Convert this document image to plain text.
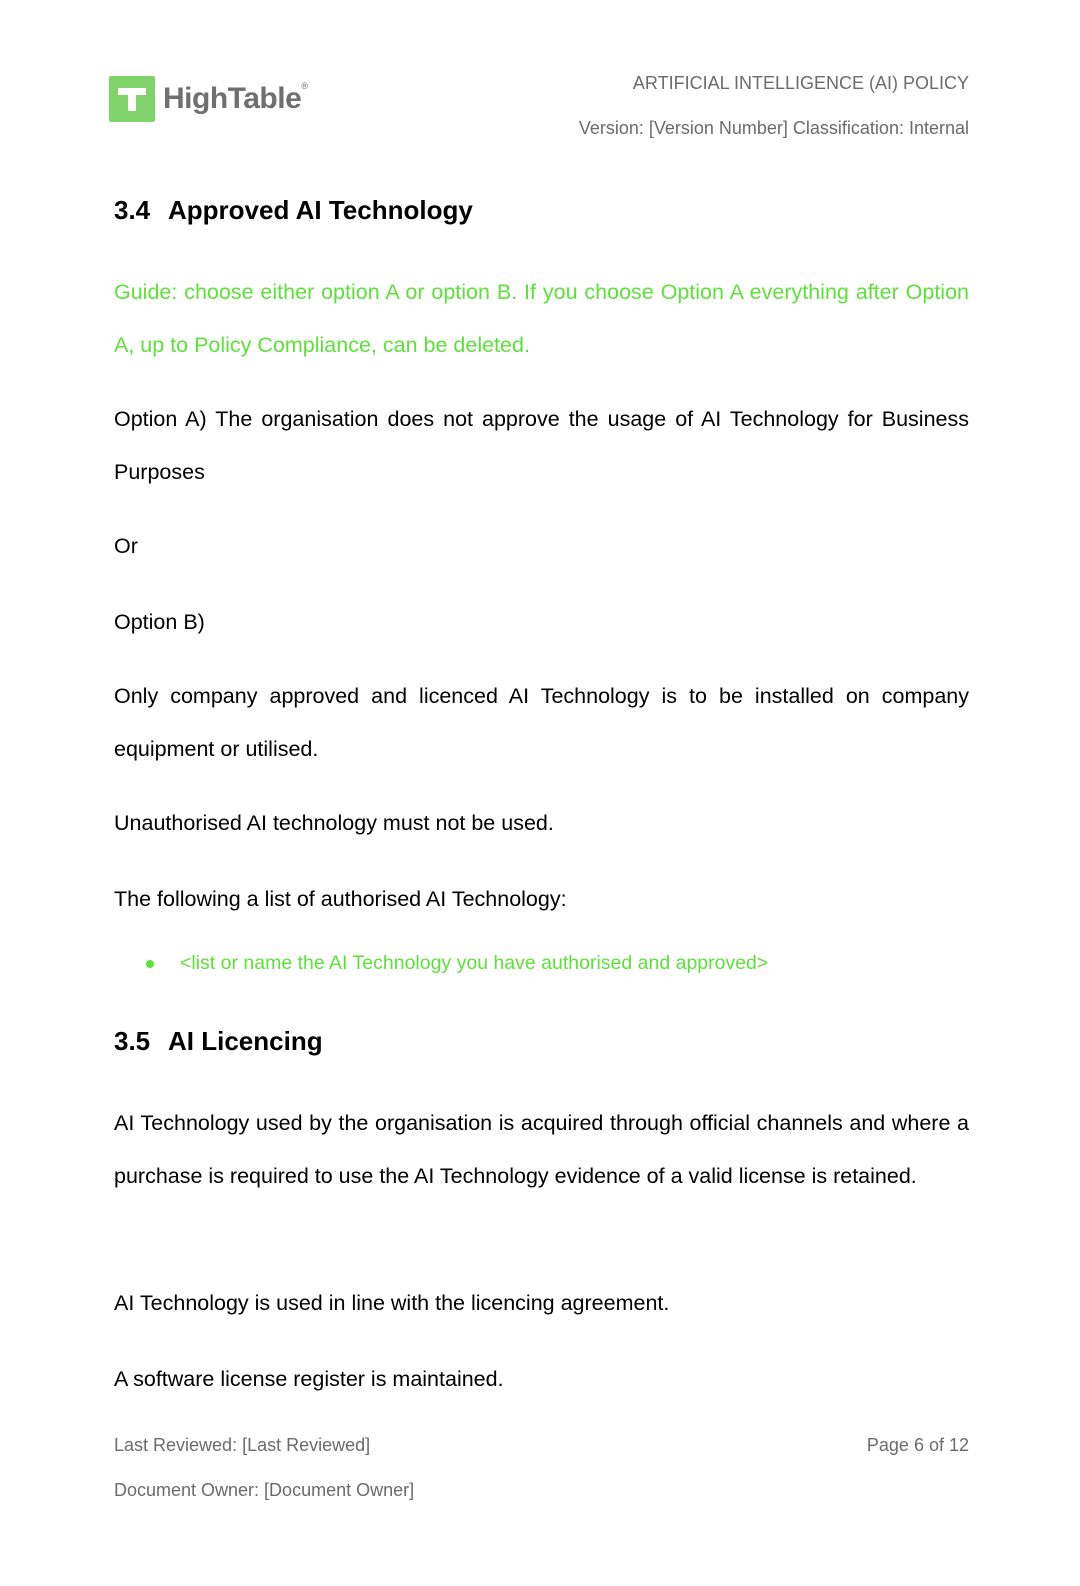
HighTable®	ARTIFICIAL INTELLIGENCE (AI) POLICY
Version: [Version Number] Classification: Internal
3.4 Approved AI Technology

Guide: choose either option A or option B. If you choose Option A everything after Option A, up to Policy Compliance, can be deleted.

Option A) The organisation does not approve the usage of AI Technology for Business Purposes

Or

Option B)

Only company approved and licenced AI Technology is to be installed on company equipment or utilised.

Unauthorised AI technology must not be used.

The following a list of authorised AI Technology:

<list or name the AI Technology you have authorised and approved>
3.5 AI Licencing

AI Technology used by the organisation is acquired through official channels and where a purchase is required to use the AI Technology evidence of a valid license is retained.

AI Technology is used in line with the licencing agreement.

A software license register is maintained.

Last Reviewed: [Last Reviewed]
Document Owner: [Document Owner]
Page 6 of 12
